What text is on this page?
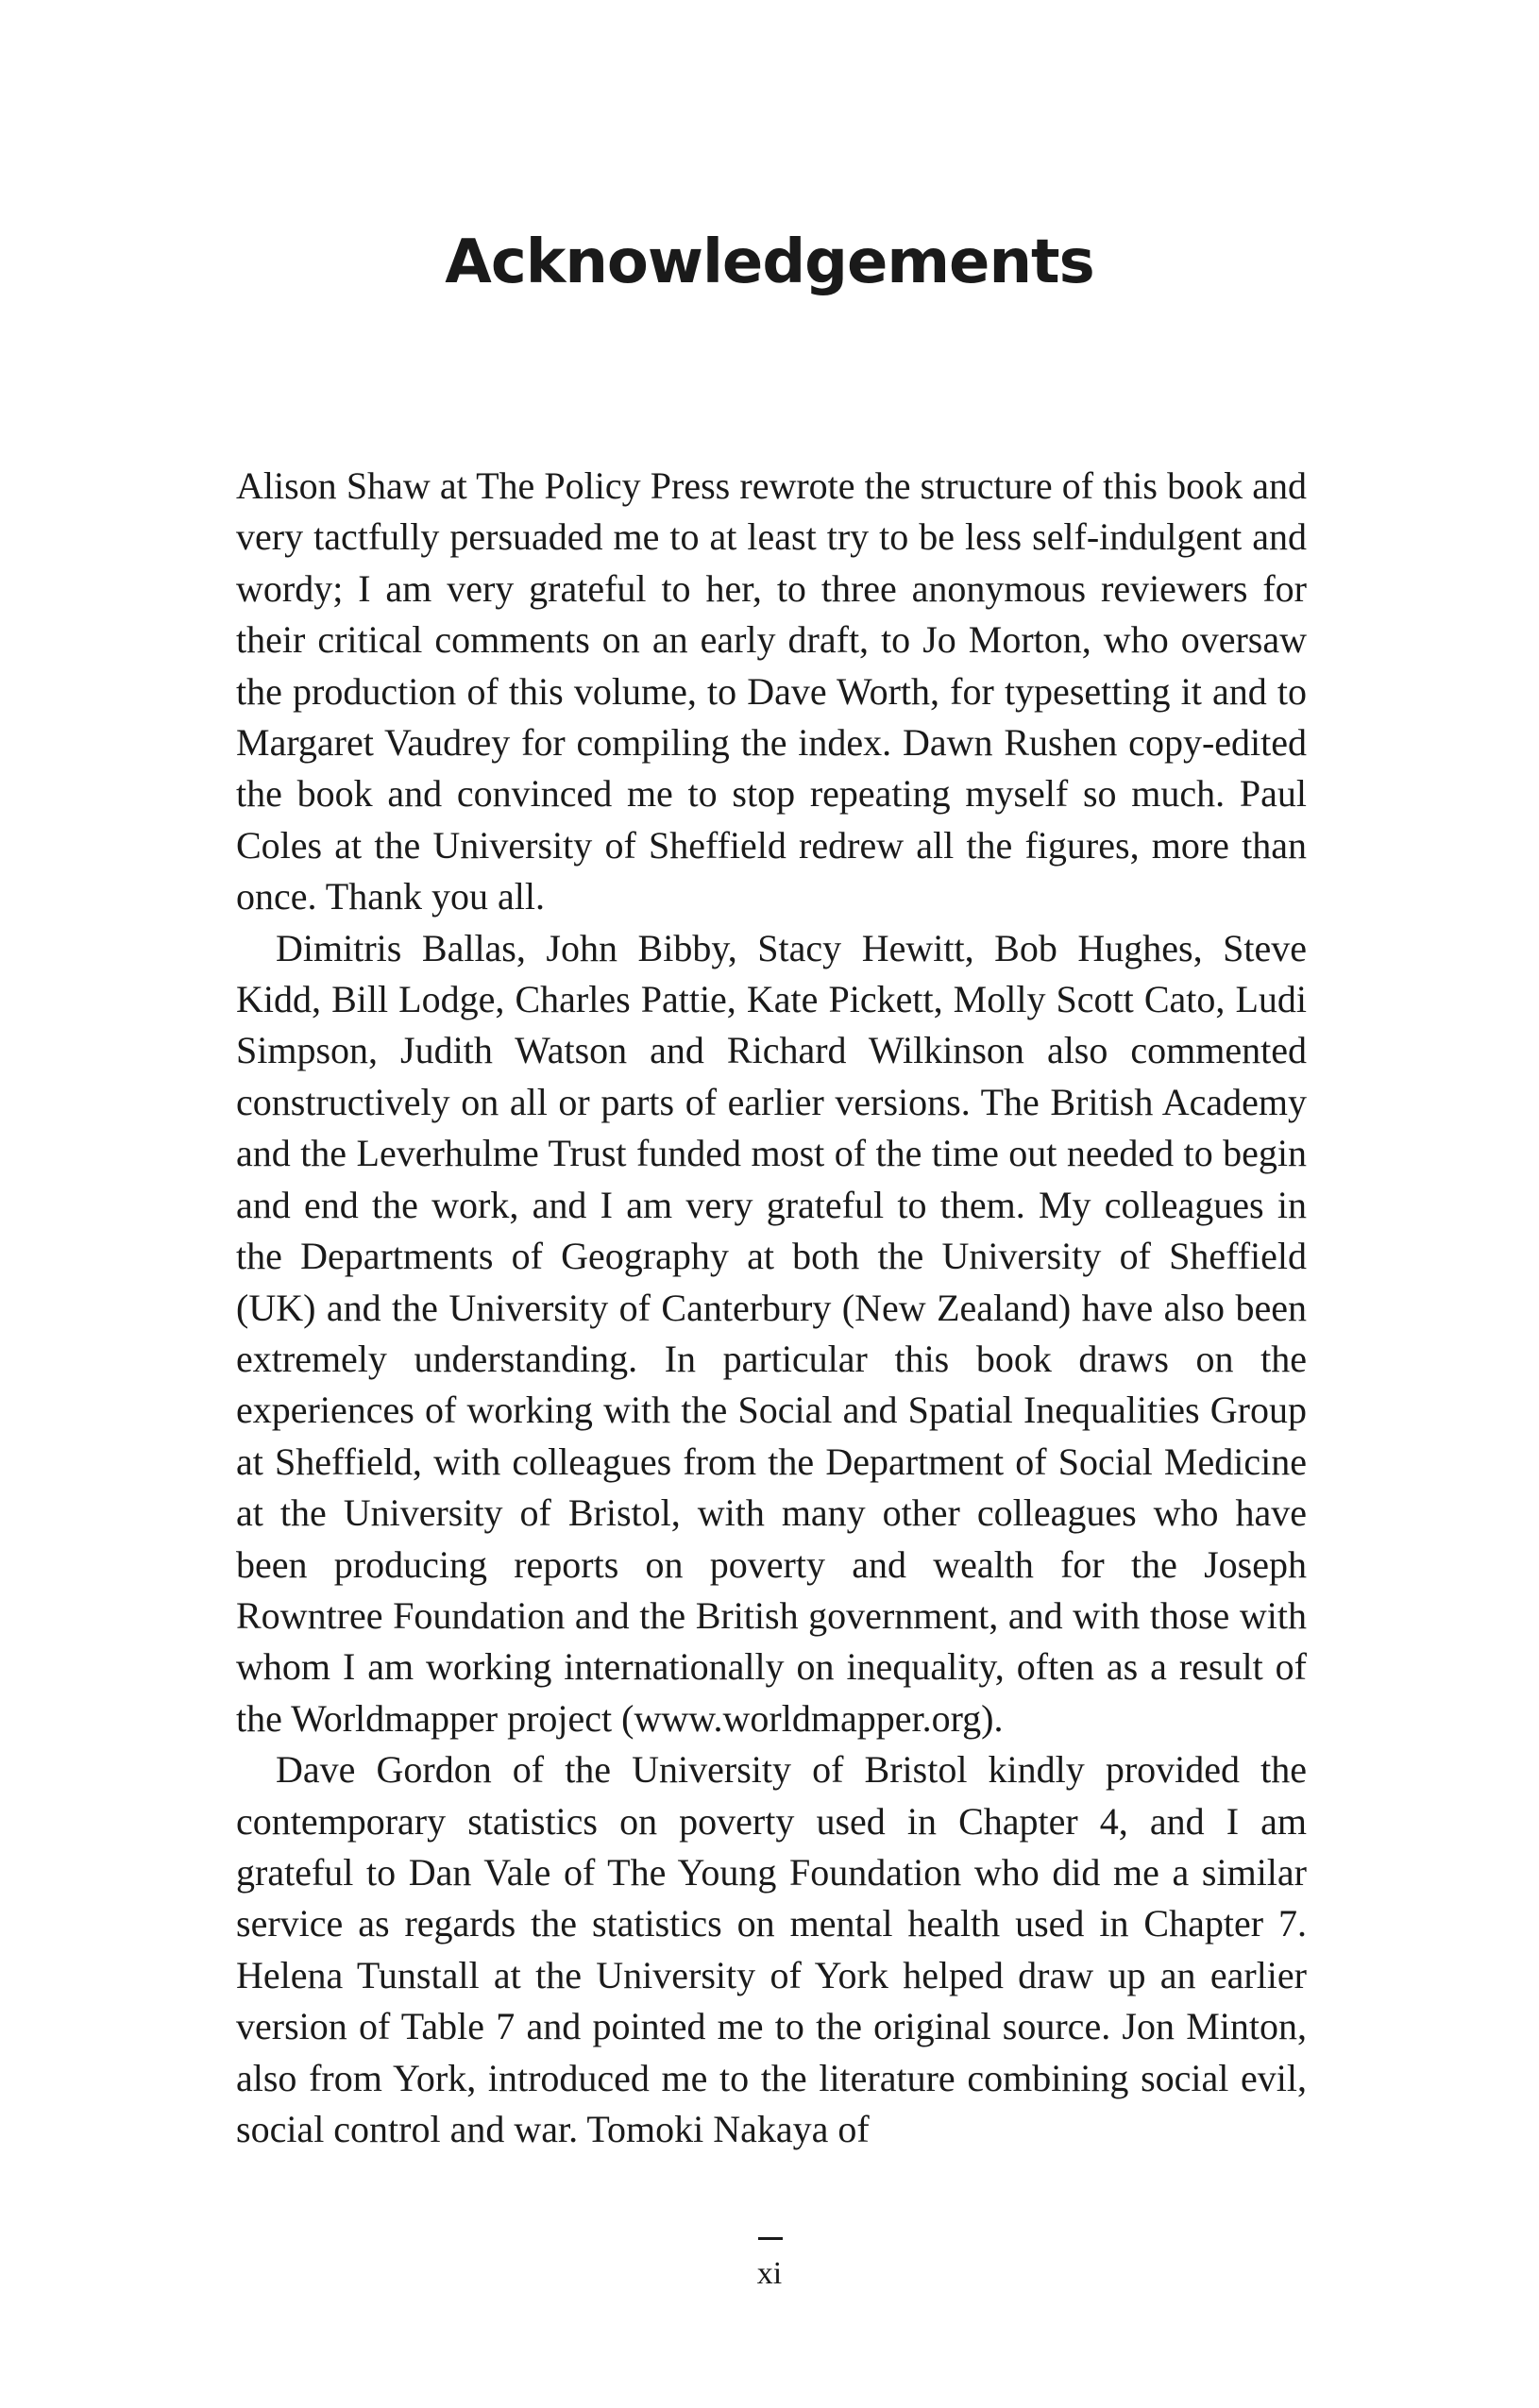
Acknowledgements

Alison Shaw at The Policy Press rewrote the structure of this book and very tactfully persuaded me to at least try to be less self-indulgent and wordy; I am very grateful to her, to three anonymous reviewers for their critical comments on an early draft, to Jo Morton, who oversaw the production of this volume, to Dave Worth, for typesetting it and to Margaret Vaudrey for compiling the index. Dawn Rushen copy-edited the book and convinced me to stop repeating myself so much. Paul Coles at the University of Sheffield redrew all the figures, more than once. Thank you all.

Dimitris Ballas, John Bibby, Stacy Hewitt, Bob Hughes, Steve Kidd, Bill Lodge, Charles Pattie, Kate Pickett, Molly Scott Cato, Ludi Simpson, Judith Watson and Richard Wilkinson also commented constructively on all or parts of earlier versions. The British Academy and the Leverhulme Trust funded most of the time out needed to begin and end the work, and I am very grateful to them. My colleagues in the Departments of Geography at both the University of Sheffield (UK) and the University of Canterbury (New Zealand) have also been extremely understanding. In particular this book draws on the experiences of working with the Social and Spatial Inequalities Group at Sheffield, with colleagues from the Department of Social Medicine at the University of Bristol, with many other colleagues who have been producing reports on poverty and wealth for the Joseph Rowntree Foundation and the British government, and with those with whom I am working internationally on inequality, often as a result of the Worldmapper project (www.worldmapper.org).

Dave Gordon of the University of Bristol kindly provided the contemporary statistics on poverty used in Chapter 4, and I am grateful to Dan Vale of The Young Foundation who did me a similar service as regards the statistics on mental health used in Chapter 7. Helena Tunstall at the University of York helped draw up an earlier version of Table 7 and pointed me to the original source. Jon Minton, also from York, introduced me to the literature combining social evil, social control and war. Tomoki Nakaya of

xi
